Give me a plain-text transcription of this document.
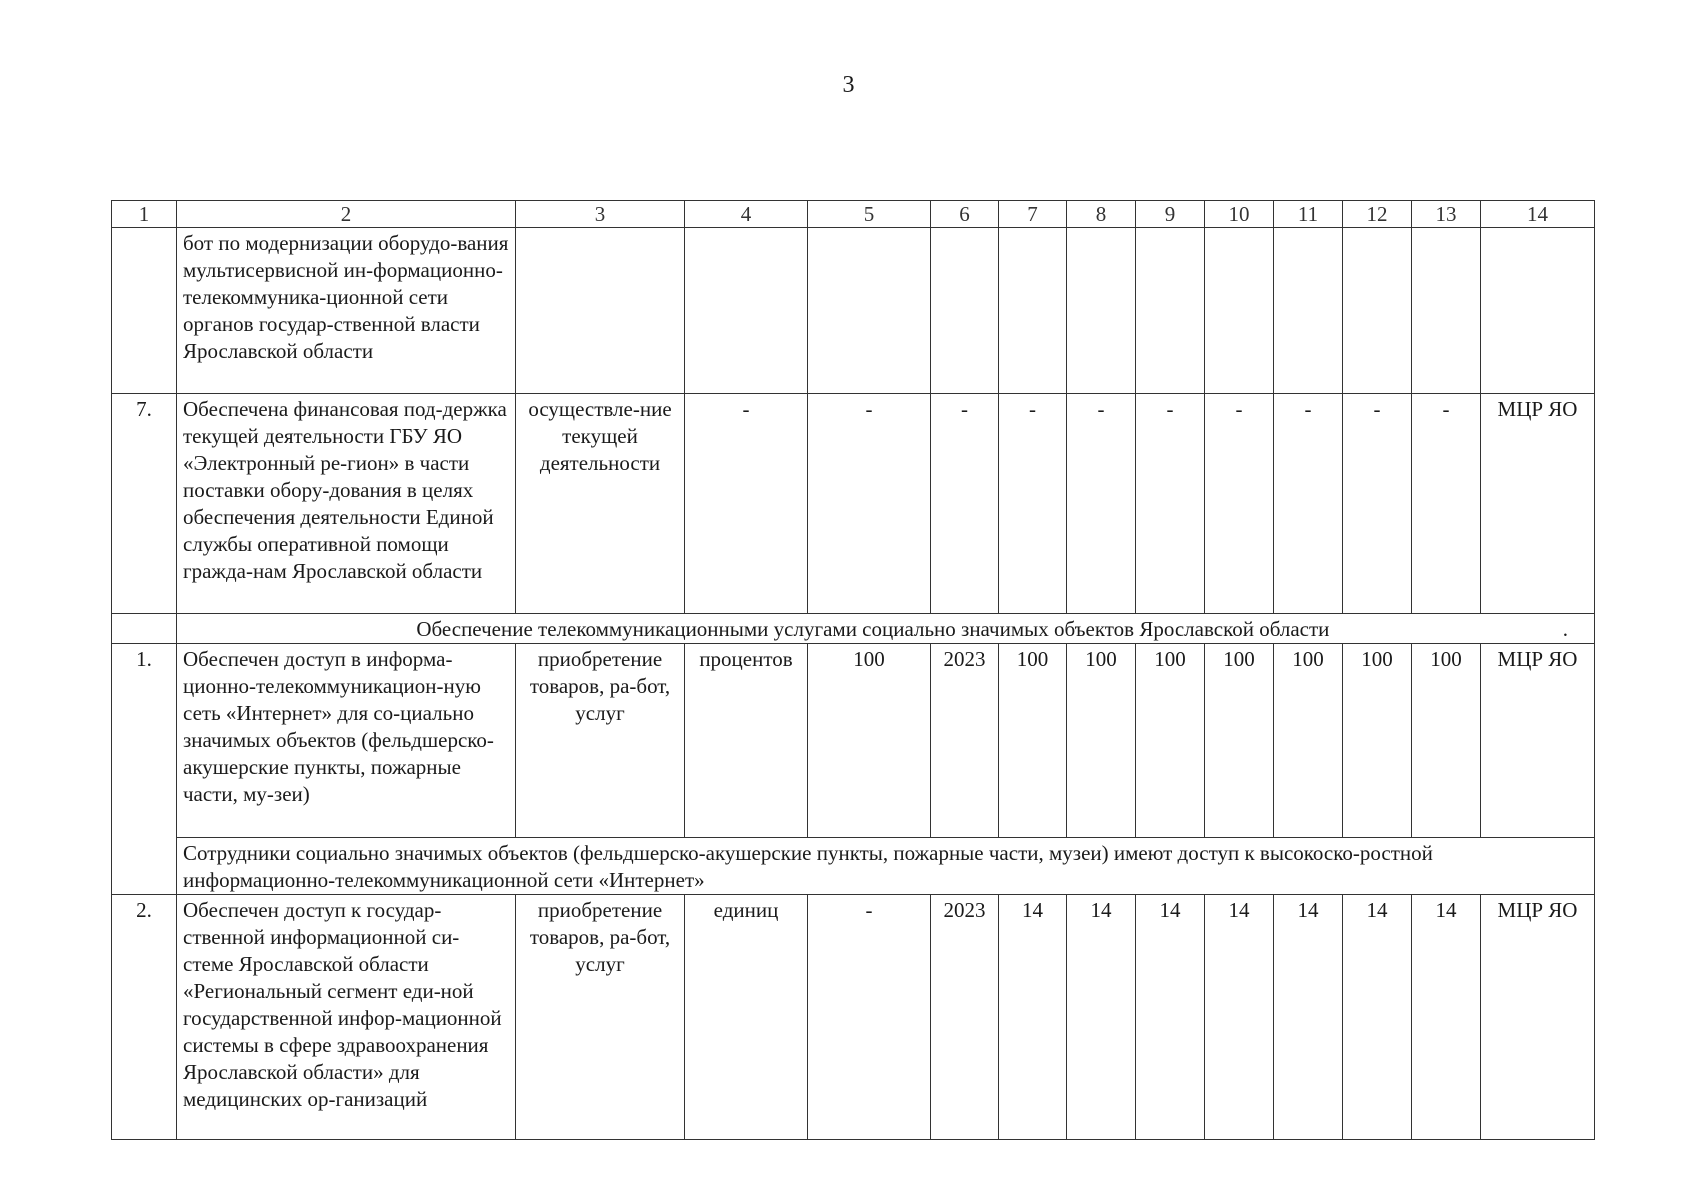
3
1	2	3	4	5	6	7	8	9	10	11	12	13	14
	бот по модернизации оборудо-вания мультисервисной ин-формационно-телекоммуника-ционной сети органов государ-ственной власти Ярославской области												
7.	Обеспечена финансовая под-держка текущей деятельности ГБУ ЯО «Электронный ре-гион» в части поставки обору-дования в целях обеспечения деятельности Единой службы оперативной помощи гражда-нам Ярославской области	осуществле-ние текущей деятельности	-	-	-	-	-	-	-	-	-	-	МЦР ЯО
	Обеспечение телекоммуникационными услугами социально значимых объектов Ярославской области .												

1.	Обеспечен доступ в информа-ционно-телекоммуникацион-ную сеть «Интернет» для со-циально значимых объектов (фельдшерско-акушерские пункты, пожарные части, му-зеи)	приобретение товаров, ра-бот, услуг	процентов	100	2023	100	100	100	100	100	100	100	МЦР ЯО
	Сотрудники социально значимых объектов (фельдшерско-акушерские пункты, пожарные части, музеи) имеют доступ к высокоско-ростной информационно-телекоммуникационной сети «Интернет»												
2.	Обеспечен доступ к государ-ственной информационной си-стеме Ярославской области «Региональный сегмент еди-ной государственной инфор-мационной системы в сфере здравоохранения Ярославской области» для медицинских ор-ганизаций	приобретение товаров, ра-бот, услуг	единиц	-	2023	14	14	14	14	14	14	14	МЦР ЯО
